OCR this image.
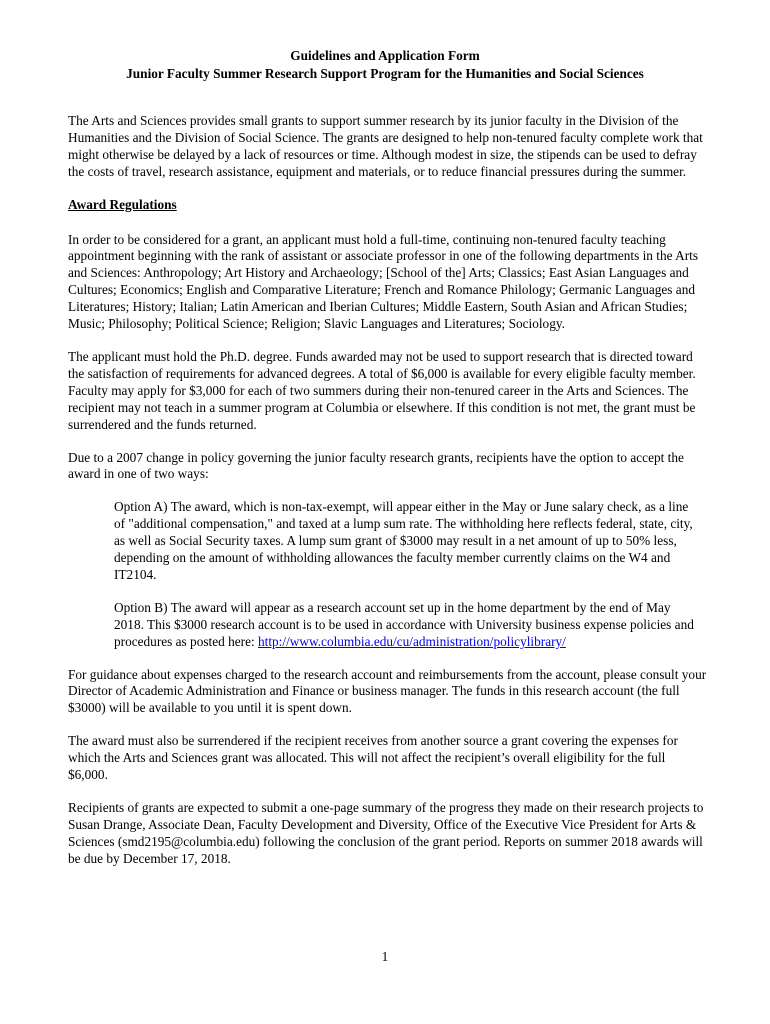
Guidelines and Application Form
Junior Faculty Summer Research Support Program for the Humanities and Social Sciences

The Arts and Sciences provides small grants to support summer research by its junior faculty in the Division of the Humanities and the Division of Social Science. The grants are designed to help non-tenured faculty complete work that might otherwise be delayed by a lack of resources or time. Although modest in size, the stipends can be used to defray the costs of travel, research assistance, equipment and materials, or to reduce financial pressures during the summer.

Award Regulations

In order to be considered for a grant, an applicant must hold a full-time, continuing non-tenured faculty teaching appointment beginning with the rank of assistant or associate professor in one of the following departments in the Arts and Sciences: Anthropology; Art History and Archaeology; [School of the] Arts; Classics; East Asian Languages and Cultures; Economics; English and Comparative Literature; French and Romance Philology; Germanic Languages and Literatures; History; Italian; Latin American and Iberian Cultures; Middle Eastern, South Asian and African Studies; Music; Philosophy; Political Science; Religion; Slavic Languages and Literatures; Sociology.

The applicant must hold the Ph.D. degree. Funds awarded may not be used to support research that is directed toward the satisfaction of requirements for advanced degrees. A total of $6,000 is available for every eligible faculty member. Faculty may apply for $3,000 for each of two summers during their non-tenured career in the Arts and Sciences. The recipient may not teach in a summer program at Columbia or elsewhere. If this condition is not met, the grant must be surrendered and the funds returned.

Due to a 2007 change in policy governing the junior faculty research grants, recipients have the option to accept the award in one of two ways:

Option A) The award, which is non-tax-exempt, will appear either in the May or June salary check, as a line of "additional compensation," and taxed at a lump sum rate. The withholding here reflects federal, state, city, as well as Social Security taxes. A lump sum grant of $3000 may result in a net amount of up to 50% less, depending on the amount of withholding allowances the faculty member currently claims on the W4 and IT2104.

Option B) The award will appear as a research account set up in the home department by the end of May 2018. This $3000 research account is to be used in accordance with University business expense policies and procedures as posted here: http://www.columbia.edu/cu/administration/policylibrary/

For guidance about expenses charged to the research account and reimbursements from the account, please consult your Director of Academic Administration and Finance or business manager. The funds in this research account (the full $3000) will be available to you until it is spent down.

The award must also be surrendered if the recipient receives from another source a grant covering the expenses for which the Arts and Sciences grant was allocated. This will not affect the recipient’s overall eligibility for the full $6,000.

Recipients of grants are expected to submit a one-page summary of the progress they made on their research projects to Susan Drange, Associate Dean, Faculty Development and Diversity, Office of the Executive Vice President for Arts & Sciences (smd2195@columbia.edu) following the conclusion of the grant period. Reports on summer 2018 awards will be due by December 17, 2018.

1
